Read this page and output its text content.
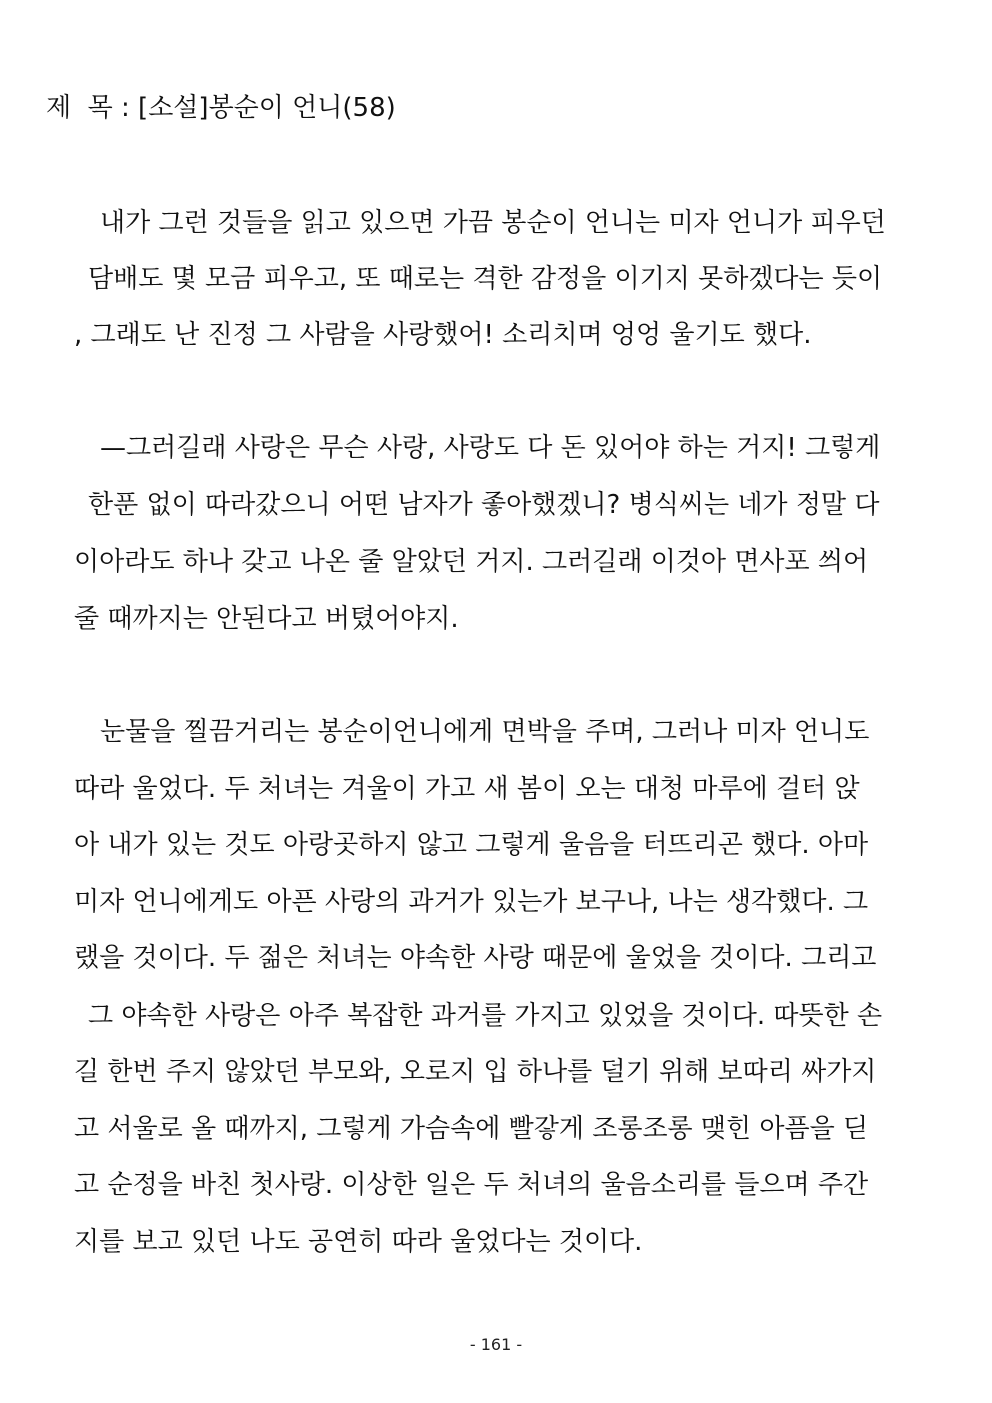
제  목 : [소설]봉순이 언니(58)
내가 그런 것들을 읽고 있으면 가끔 봉순이 언니는 미자 언니가 피우던
담배도 몇 모금 피우고, 또 때로는 격한 감정을 이기지 못하겠다는 듯이
, 그래도 난 진정 그 사람을 사랑했어! 소리치며 엉엉 울기도 했다.
—그러길래 사랑은 무슨 사랑, 사랑도 다 돈 있어야 하는 거지! 그렇게
한푼 없이 따라갔으니 어떤 남자가 좋아했겠니? 병식씨는 네가 정말 다
이아라도 하나 갖고 나온 줄 알았던 거지. 그러길래 이것아 면사포 씌어
줄 때까지는 안된다고 버텼어야지.
눈물을 찔끔거리는 봉순이언니에게 면박을 주며, 그러나 미자 언니도
따라 울었다. 두 처녀는 겨울이 가고 새 봄이 오는 대청 마루에 걸터 앉
아 내가 있는 것도 아랑곳하지 않고 그렇게 울음을 터뜨리곤 했다. 아마
미자 언니에게도 아픈 사랑의 과거가 있는가 보구나, 나는 생각했다. 그
랬을 것이다. 두 젊은 처녀는 야속한 사랑 때문에 울었을 것이다. 그리고
그 야속한 사랑은 아주 복잡한 과거를 가지고 있었을 것이다. 따뜻한 손
길 한번 주지 않았던 부모와, 오로지 입 하나를 덜기 위해 보따리 싸가지
고 서울로 올 때까지, 그렇게 가슴속에 빨갛게 조롱조롱 맺힌 아픔을 딛
고 순정을 바친 첫사랑. 이상한 일은 두 처녀의 울음소리를 들으며 주간
지를 보고 있던 나도 공연히 따라 울었다는 것이다.
- 161 -
